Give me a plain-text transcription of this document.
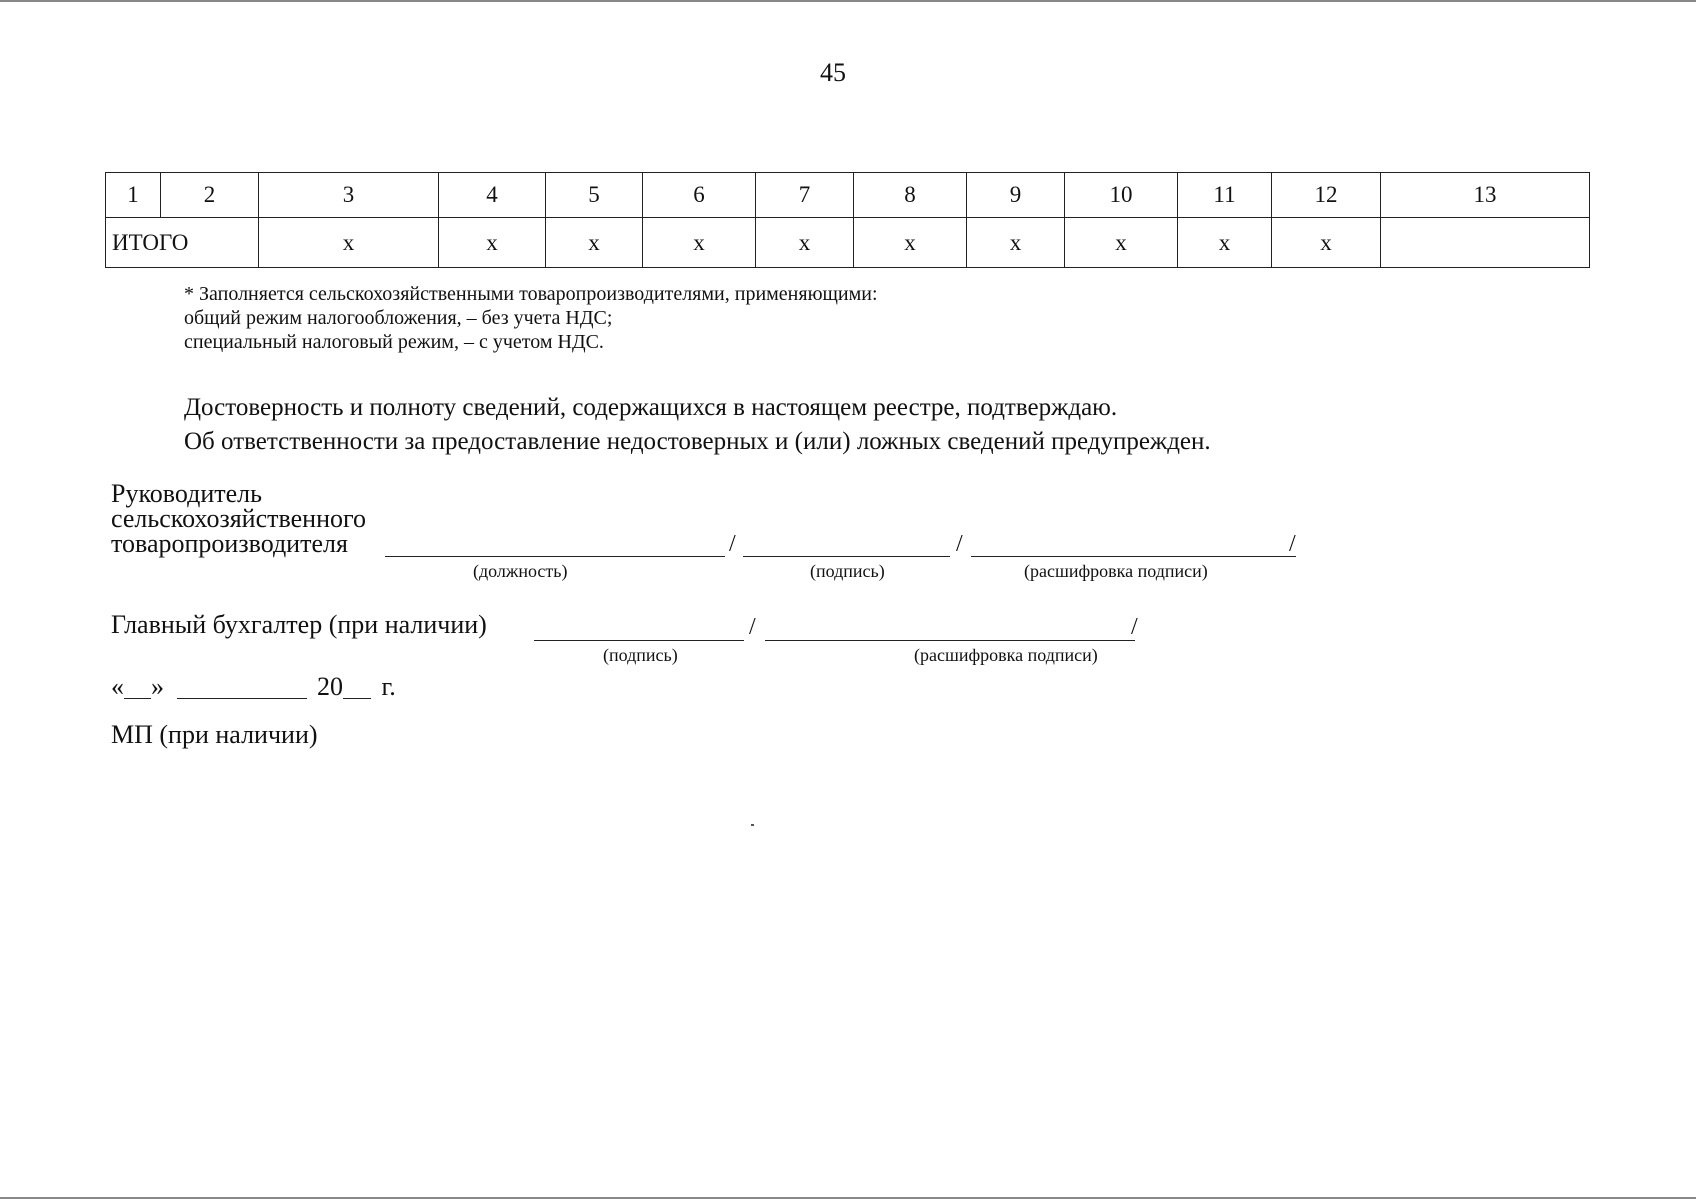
45
1	2	3	4	5	6	7	8	9	10	11	12	13
ИТОГО		х	х	х	х	х	х	х	х	х	х	
* Заполняется сельскохозяйственными товаропроизводителями, применяющими:
общий режим налогообложения, – без учета НДС;
специальный налоговый режим, – с учетом НДС.
Достоверность и полноту сведений, содержащихся в настоящем реестре, подтверждаю.
Об ответственности за предоставление недостоверных и (или) ложных сведений предупрежден.
Руководитель
сельскохозяйственного
товаропроизводителя	/	/	/
(должность)	(подпись)	(расшифровка подписи)
Главный бухгалтер (при наличии)	/	/
(подпись)	(расшифровка подписи)
« »	20 г.
МП (при наличии)
